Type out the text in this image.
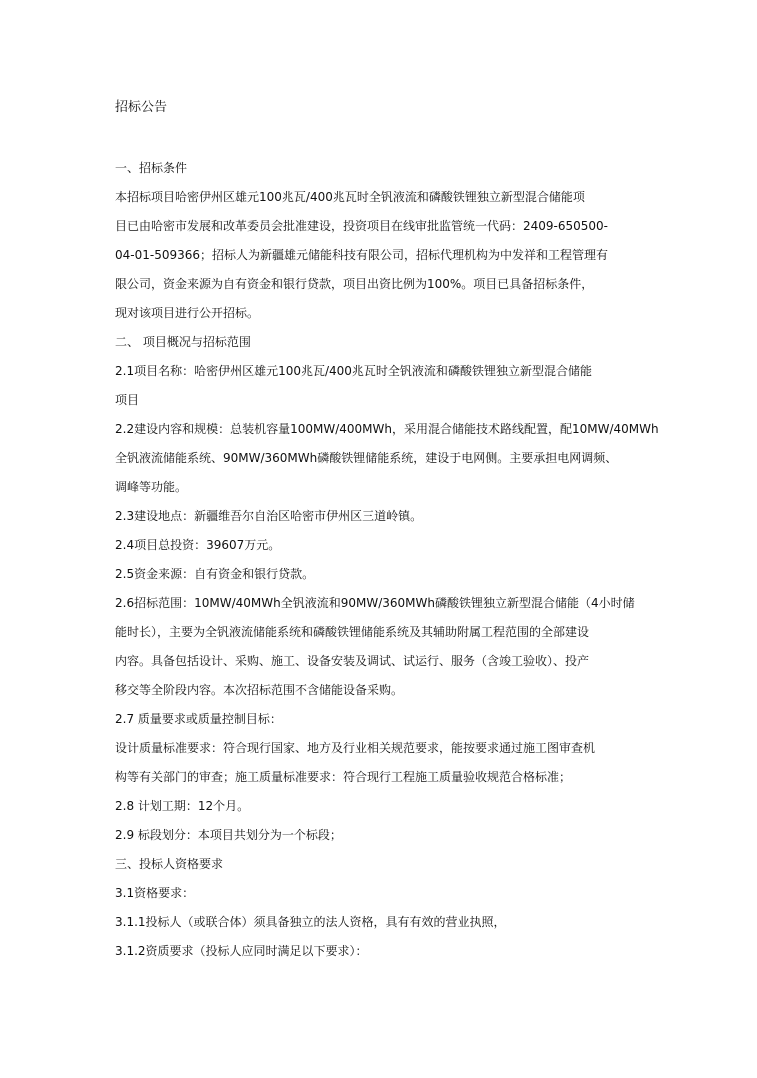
招标公告
一、招标条件
本招标项目哈密伊州区雄元100兆瓦/400兆瓦时全钒液流和磷酸铁锂独立新型混合储能项
目已由哈密市发展和改革委员会批准建设，投资项目在线审批监管统一代码：2409-650500-
04-01-509366；招标人为新疆雄元储能科技有限公司，招标代理机构为中发祥和工程管理有
限公司，资金来源为自有资金和银行贷款，项目出资比例为100%。项目已具备招标条件，
现对该项目进行公开招标。
二、 项目概况与招标范围
2.1项目名称：哈密伊州区雄元100兆瓦/400兆瓦时全钒液流和磷酸铁锂独立新型混合储能
项目
2.2建设内容和规模：总装机容量100MW/400MWh，采用混合储能技术路线配置，配10MW/40MWh
全钒液流储能系统、90MW/360MWh磷酸铁锂储能系统，建设于电网侧。主要承担电网调频、
调峰等功能。
2.3建设地点：新疆维吾尔自治区哈密市伊州区三道岭镇。
2.4项目总投资：39607万元。
2.5资金来源：自有资金和银行贷款。
2.6招标范围：10MW/40MWh全钒液流和90MW/360MWh磷酸铁锂独立新型混合储能（4小时储
能时长），主要为全钒液流储能系统和磷酸铁锂储能系统及其辅助附属工程范围的全部建设
内容。具备包括设计、采购、施工、设备安装及调试、试运行、服务（含竣工验收）、投产
移交等全阶段内容。本次招标范围不含储能设备采购。
2.7 质量要求或质量控制目标：
设计质量标准要求：符合现行国家、地方及行业相关规范要求，能按要求通过施工图审查机
构等有关部门的审查；施工质量标准要求：符合现行工程施工质量验收规范合格标准；
2.8 计划工期：12个月。
2.9 标段划分：本项目共划分为一个标段；
三、投标人资格要求
3.1资格要求：
3.1.1投标人（或联合体）须具备独立的法人资格，具有有效的营业执照，
3.1.2资质要求（投标人应同时满足以下要求）：
